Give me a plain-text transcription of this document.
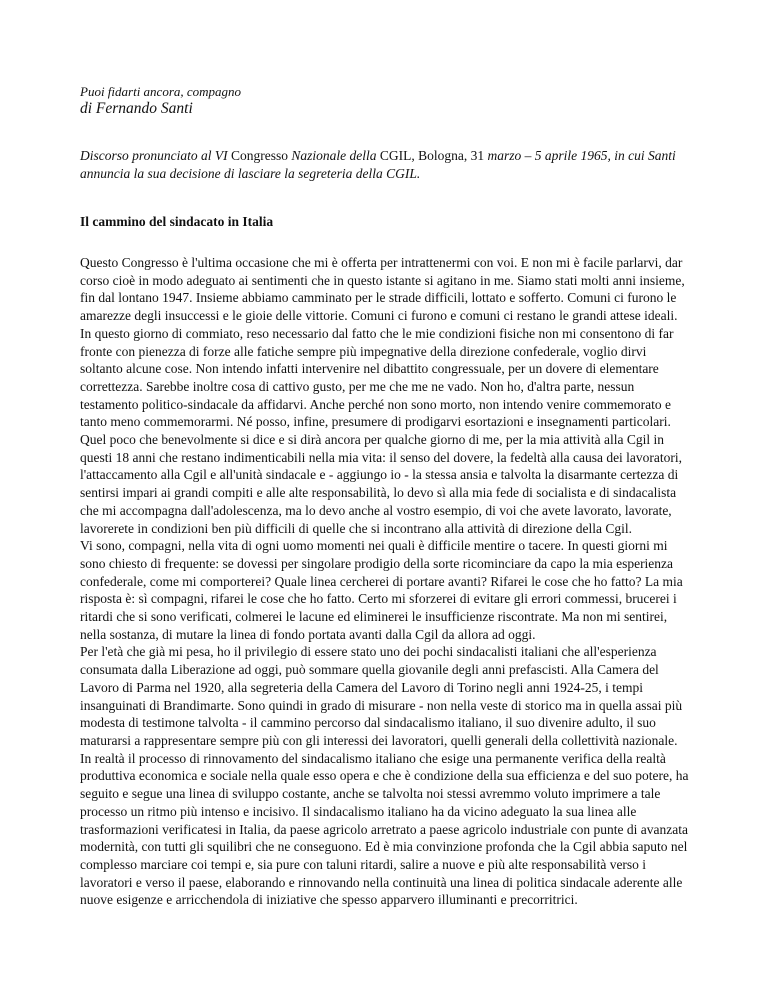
Puoi fidarti ancora, compagno

di Fernando Santi

Discorso pronunciato al VI Congresso Nazionale della CGIL, Bologna, 31 marzo – 5 aprile 1965, in cui Santi annuncia la sua decisione di lasciare la segreteria della CGIL.

Il cammino del sindacato in Italia

Questo Congresso è l'ultima occasione che mi è offerta per intrattenermi con voi. E non mi è facile parlarvi, dar corso cioè in modo adeguato ai sentimenti che in questo istante si agitano in me. Siamo stati molti anni insieme, fin dal lontano 1947. Insieme abbiamo camminato per le strade difficili, lottato e sofferto. Comuni ci furono le amarezze degli insuccessi e le gioie delle vittorie. Comuni ci furono e comuni ci restano le grandi attese ideali. In questo giorno di commiato, reso necessario dal fatto che le mie condizioni fisiche non mi consentono di far fronte con pienezza di forze alle fatiche sempre più impegnative della direzione confederale, voglio dirvi soltanto alcune cose. Non intendo infatti intervenire nel dibattito congressuale, per un dovere di elementare correttezza. Sarebbe inoltre cosa di cattivo gusto, per me che me ne vado. Non ho, d'altra parte, nessun testamento politico-sindacale da affidarvi. Anche perché non sono morto, non intendo venire commemorato e tanto meno commemorarmi. Né posso, infine, presumere di prodigarvi esortazioni e insegnamenti particolari. Quel poco che benevolmente si dice e si dirà ancora per qualche giorno di me, per la mia attività alla Cgil in questi 18 anni che restano indimenticabili nella mia vita: il senso del dovere, la fedeltà alla causa dei lavoratori, l'attaccamento alla Cgil e all'unità sindacale e - aggiungo io - la stessa ansia e talvolta la disarmante certezza di sentirsi impari ai grandi compiti e alle alte responsabilità, lo devo sì alla mia fede di socialista e di sindacalista che mi accompagna dall'adolescenza, ma lo devo anche al vostro esempio, di voi che avete lavorato, lavorate, lavorerete in condizioni ben più difficili di quelle che si incontrano alla attività di direzione della Cgil.

Vi sono, compagni, nella vita di ogni uomo momenti nei quali è difficile mentire o tacere. In questi giorni mi sono chiesto di frequente: se dovessi per singolare prodigio della sorte ricominciare da capo la mia esperienza confederale, come mi comporterei? Quale linea cercherei di portare avanti? Rifarei le cose che ho fatto? La mia risposta è: sì compagni, rifarei le cose che ho fatto. Certo mi sforzerei di evitare gli errori commessi, brucerei i ritardi che si sono verificati, colmerei le lacune ed eliminerei le insufficienze riscontrate. Ma non mi sentirei, nella sostanza, di mutare la linea di fondo portata avanti dalla Cgil da allora ad oggi.

Per l'età che già mi pesa, ho il privilegio di essere stato uno dei pochi sindacalisti italiani che all'esperienza consumata dalla Liberazione ad oggi, può sommare quella giovanile degli anni prefascisti. Alla Camera del Lavoro di Parma nel 1920, alla segreteria della Camera del Lavoro di Torino negli anni 1924-25, i tempi insanguinati di Brandimarte. Sono quindi in grado di misurare - non nella veste di storico ma in quella assai più modesta di testimone talvolta - il cammino percorso dal sindacalismo italiano, il suo divenire adulto, il suo maturarsi a rappresentare sempre più con gli interessi dei lavoratori, quelli generali della collettività nazionale.

In realtà il processo di rinnovamento del sindacalismo italiano che esige una permanente verifica della realtà produttiva economica e sociale nella quale esso opera e che è condizione della sua efficienza e del suo potere, ha seguito e segue una linea di sviluppo costante, anche se talvolta noi stessi avremmo voluto imprimere a tale processo un ritmo più intenso e incisivo. Il sindacalismo italiano ha da vicino adeguato la sua linea alle trasformazioni verificatesi in Italia, da paese agricolo arretrato a paese agricolo industriale con punte di avanzata modernità, con tutti gli squilibri che ne conseguono. Ed è mia convinzione profonda che la Cgil abbia saputo nel complesso marciare coi tempi e, sia pure con taluni ritardi, salire a nuove e più alte responsabilità verso i lavoratori e verso il paese, elaborando e rinnovando nella continuità una linea di politica sindacale aderente alle nuove esigenze e arricchendola di iniziative che spesso apparvero illuminanti e precorritrici.
